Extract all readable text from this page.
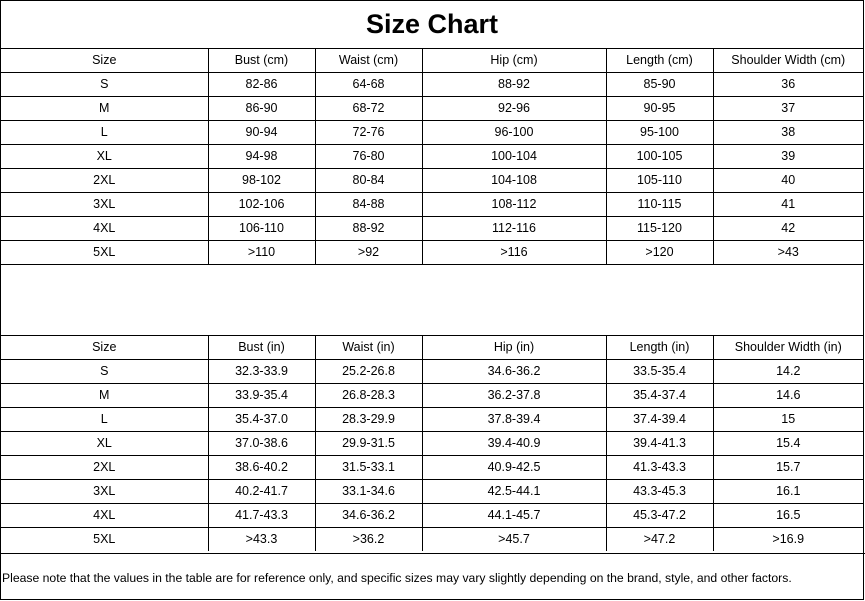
Size Chart
Size	Bust (cm)	Waist (cm)	Hip (cm)	Length (cm)	Shoulder Width (cm)
S	82-86	64-68	88-92	85-90	36
M	86-90	68-72	92-96	90-95	37
L	90-94	72-76	96-100	95-100	38
XL	94-98	76-80	100-104	100-105	39
2XL	98-102	80-84	104-108	105-110	40
3XL	102-106	84-88	108-112	110-115	41
4XL	106-110	88-92	112-116	115-120	42
5XL	>110	>92	>116	>120	>43
Size	Bust (in)	Waist (in)	Hip (in)	Length (in)	Shoulder Width (in)
S	32.3-33.9	25.2-26.8	34.6-36.2	33.5-35.4	14.2
M	33.9-35.4	26.8-28.3	36.2-37.8	35.4-37.4	14.6
L	35.4-37.0	28.3-29.9	37.8-39.4	37.4-39.4	15
XL	37.0-38.6	29.9-31.5	39.4-40.9	39.4-41.3	15.4
2XL	38.6-40.2	31.5-33.1	40.9-42.5	41.3-43.3	15.7
3XL	40.2-41.7	33.1-34.6	42.5-44.1	43.3-45.3	16.1
4XL	41.7-43.3	34.6-36.2	44.1-45.7	45.3-47.2	16.5
5XL	>43.3	>36.2	>45.7	>47.2	>16.9
Please note that the values in the table are for reference only, and specific sizes may vary slightly depending on the brand, style, and other factors.
